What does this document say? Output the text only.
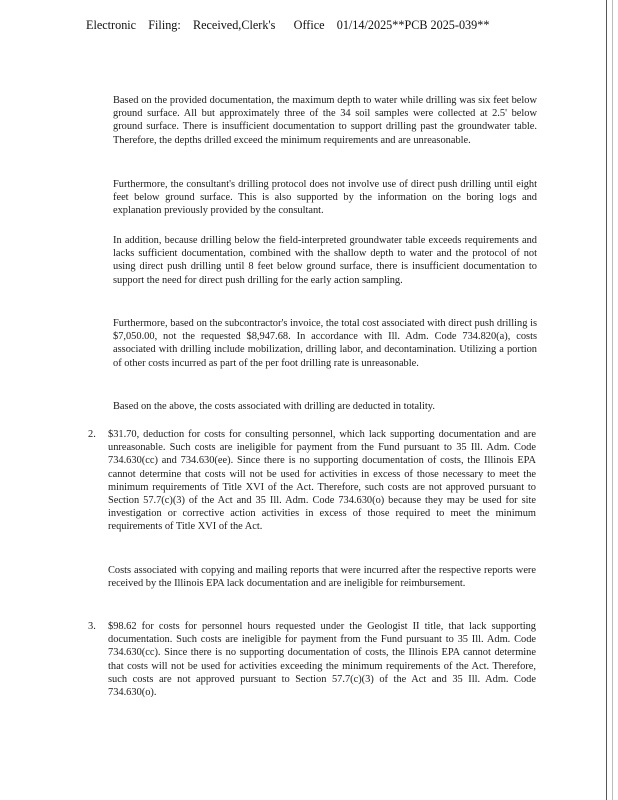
Electronic    Filing:    Received,Clerk's      Office    01/14/2025**PCB 2025-039**

Based on the provided documentation, the maximum depth to water while drilling was six feet below ground surface. All but approximately three of the 34 soil samples were collected at 2.5' below ground surface. There is insufficient documentation to support drilling past the groundwater table. Therefore, the depths drilled exceed the minimum requirements and are unreasonable.

Furthermore, the consultant's drilling protocol does not involve use of direct push drilling until eight feet below ground surface. This is also supported by the information on the boring logs and explanation previously provided by the consultant.

In addition, because drilling below the field-interpreted groundwater table exceeds requirements and lacks sufficient documentation, combined with the shallow depth to water and the protocol of not using direct push drilling until 8 feet below ground surface, there is insufficient documentation to support the need for direct push drilling for the early action sampling.

Furthermore, based on the subcontractor's invoice, the total cost associated with direct push drilling is $7,050.00, not the requested $8,947.68. In accordance with Ill. Adm. Code 734.820(a), costs associated with drilling include mobilization, drilling labor, and decontamination. Utilizing a portion of other costs incurred as part of the per foot drilling rate is unreasonable.

Based on the above, the costs associated with drilling are deducted in totality.

2. $31.70, deduction for costs for consulting personnel, which lack supporting documentation and are unreasonable. Such costs are ineligible for payment from the Fund pursuant to 35 Ill. Adm. Code 734.630(cc) and 734.630(ee). Since there is no supporting documentation of costs, the Illinois EPA cannot determine that costs will not be used for activities in excess of those necessary to meet the minimum requirements of Title XVI of the Act. Therefore, such costs are not approved pursuant to Section 57.7(c)(3) of the Act and 35 Ill. Adm. Code 734.630(o) because they may be used for site investigation or corrective action activities in excess of those required to meet the minimum requirements of Title XVI of the Act.
Costs associated with copying and mailing reports that were incurred after the respective reports were received by the Illinois EPA lack documentation and are ineligible for reimbursement.
3. $98.62 for costs for personnel hours requested under the Geologist II title, that lack supporting documentation. Such costs are ineligible for payment from the Fund pursuant to 35 Ill. Adm. Code 734.630(cc). Since there is no supporting documentation of costs, the Illinois EPA cannot determine that costs will not be used for activities exceeding the minimum requirements of the Act. Therefore, such costs are not approved pursuant to Section 57.7(c)(3) of the Act and 35 Ill. Adm. Code 734.630(o).
